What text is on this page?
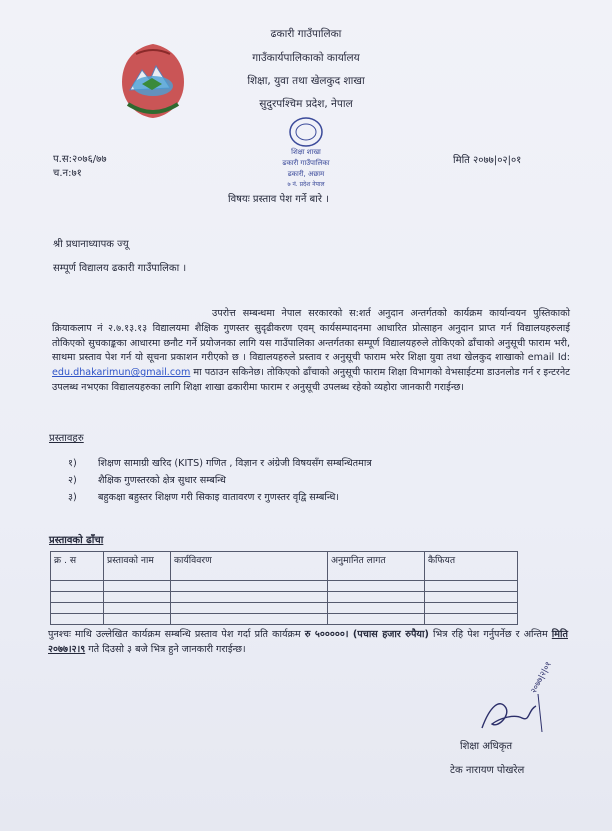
ढकारी गाउँपालिका
गाउँकार्यपालिकाको कार्यालय
शिक्षा, युवा तथा खेलकुद शाखा
सुदुरपश्चिम प्रदेश, नेपाल
शिक्षा शाखा
ढकारी गाउँपालिका
ढकारी, अछाम
७ नं. प्रदेश नेपाल
प.स:२०७६/७७
च.न:७१
मिति २०७७|०२|०१
विषयः प्रस्ताव पेश गर्ने बारे ।
श्री प्रधानाध्यापक ज्यू
सम्पूर्ण विद्यालय ढकारी गाउँपालिका ।
उपरोत्त सम्बन्धमा नेपाल सरकारको स:शर्त अनुदान अन्तर्गतको कार्यक्रम कार्यान्वयन पुस्तिकाको क्रियाकलाप नं २.७.१३.१३ विद्यालयमा शैक्षिक गुणस्तर सुदृढीकरण एवम् कार्यसम्पादनमा आधारित प्रोत्साहन अनुदान प्राप्त गर्न विद्यालयहरुलाई तोकिएको सुचकाङ्कका आधारमा छनौट गर्ने प्रयोजनका लागि यस गाउँपालिका अन्तर्गतका सम्पूर्ण विद्यालयहरुले तोकिएको ढाँचाको अनुसूची फाराम भरी, साथमा प्रस्ताव पेश गर्न यो सूचना प्रकाशन गरीएको छ । विद्यालयहरुले प्रस्ताव र अनुसूची फाराम भरेर शिक्षा युवा तथा खेलकुद शाखाको email Id: edu.dhakarimun@gmail.com मा पठाउन सकिनेछ। तोकिएको ढाँचाको अनुसूची फाराम शिक्षा विभागको वेभसाईटमा डाउनलोड गर्न र इन्टरनेट उपलब्ध नभएका विद्यालयहरुका लागि शिक्षा शाखा ढकारीमा फाराम र अनुसूची उपलब्ध रहेको व्यहोरा जानकारी गराईन्छ।
प्रस्तावहरु
१) शिक्षण सामाग्री खरिद (KITS) गणित , विज्ञान र अंग्रेजी विषयसँग सम्बन्धितमात्र
२) शैक्षिक गुणस्तरको क्षेत्र सुधार सम्बन्धि
३) बहुकक्षा बहुस्तर शिक्षण गरी सिकाइ वातावरण र गुणस्तर वृद्वि सम्बन्धि।
प्रस्तावको ढाँचा
क्र . स	प्रस्तावको नाम	कार्यविवरण	अनुमानित लागत	कैफियत

पुनश्चः माथि उल्लेखित कार्यक्रम सम्बन्धि प्रस्ताव पेश गर्दा प्रति कार्यक्रम रु ५०००००। (पचास हजार रुपैया) भित्र रहि पेश गर्नुपर्नेछ र अन्तिम मिति २०७७।२।९ गते दिउसो ३ बजे भित्र हुने जानकारी गराईन्छ।
२०७७|२|०१
शिक्षा अधिकृत
टेक नारायण पोखरेल
